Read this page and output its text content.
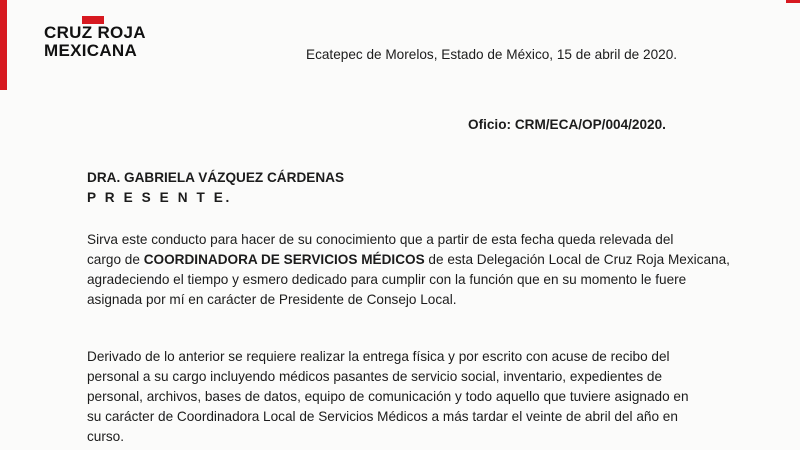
CRUZ ROJA
MEXICANA	Ecatepec de Morelos, Estado de México, 15 de abril de 2020.
Oficio: CRM/ECA/OP/004/2020.
DRA. GABRIELA VÁZQUEZ CÁRDENAS
P R E S E N T E.
Sirva este conducto para hacer de su conocimiento que a partir de esta fecha queda relevada del
cargo de COORDINADORA DE SERVICIOS MÉDICOS de esta Delegación Local de Cruz Roja Mexicana,
agradeciendo el tiempo y esmero dedicado para cumplir con la función que en su momento le fuere
asignada por mí en carácter de Presidente de Consejo Local.
Derivado de lo anterior se requiere realizar la entrega física y por escrito con acuse de recibo del
personal a su cargo incluyendo médicos pasantes de servicio social, inventario, expedientes de
personal, archivos, bases de datos, equipo de comunicación y todo aquello que tuviere asignado en
su carácter de Coordinadora Local de Servicios Médicos a más tardar el veinte de abril del año en
curso.
